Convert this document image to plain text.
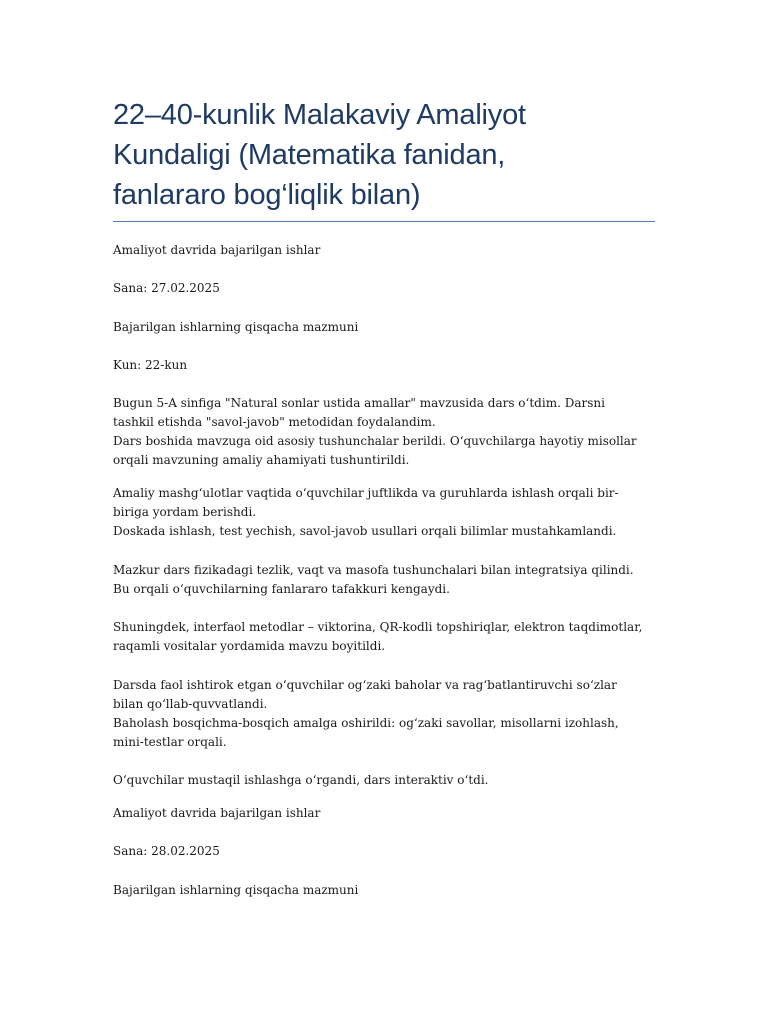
22–40-kunlik Malakaviy Amaliyot Kundaligi (Matematika fanidan, fanlararo bog‘liqlik bilan)

Amaliyot davrida bajarilgan ishlar

Sana: 27.02.2025

Bajarilgan ishlarning qisqacha mazmuni

Kun: 22-kun

Bugun 5-A sinfiga "Natural sonlar ustida amallar" mavzusida dars o‘tdim. Darsni tashkil etishda "savol-javob" metodidan foydalandim.
Dars boshida mavzuga oid asosiy tushunchalar berildi. O‘quvchilarga hayotiy misollar orqali mavzuning amaliy ahamiyati tushuntirildi.
Amaliy mashg‘ulotlar vaqtida o‘quvchilar juftlikda va guruhlarda ishlash orqali bir-biriga yordam berishdi.
Doskada ishlash, test yechish, savol-javob usullari orqali bilimlar mustahkamlandi.
Mazkur dars fizikadagi tezlik, vaqt va masofa tushunchalari bilan integratsiya qilindi. Bu orqali o‘quvchilarning fanlararo tafakkuri kengaydi.
Shuningdek, interfaol metodlar – viktorina, QR-kodli topshiriqlar, elektron taqdimotlar, raqamli vositalar yordamida mavzu boyitildi.
Darsda faol ishtirok etgan o‘quvchilar og‘zaki baholar va rag‘batlantiruvchi so‘zlar bilan qo‘llab-quvvatlandi.
Baholash bosqichma-bosqich amalga oshirildi: og‘zaki savollar, misollarni izohlash, mini-testlar orqali.

O‘quvchilar mustaqil ishlashga o‘rgandi, dars interaktiv o‘tdi.

Amaliyot davrida bajarilgan ishlar

Sana: 28.02.2025

Bajarilgan ishlarning qisqacha mazmuni
